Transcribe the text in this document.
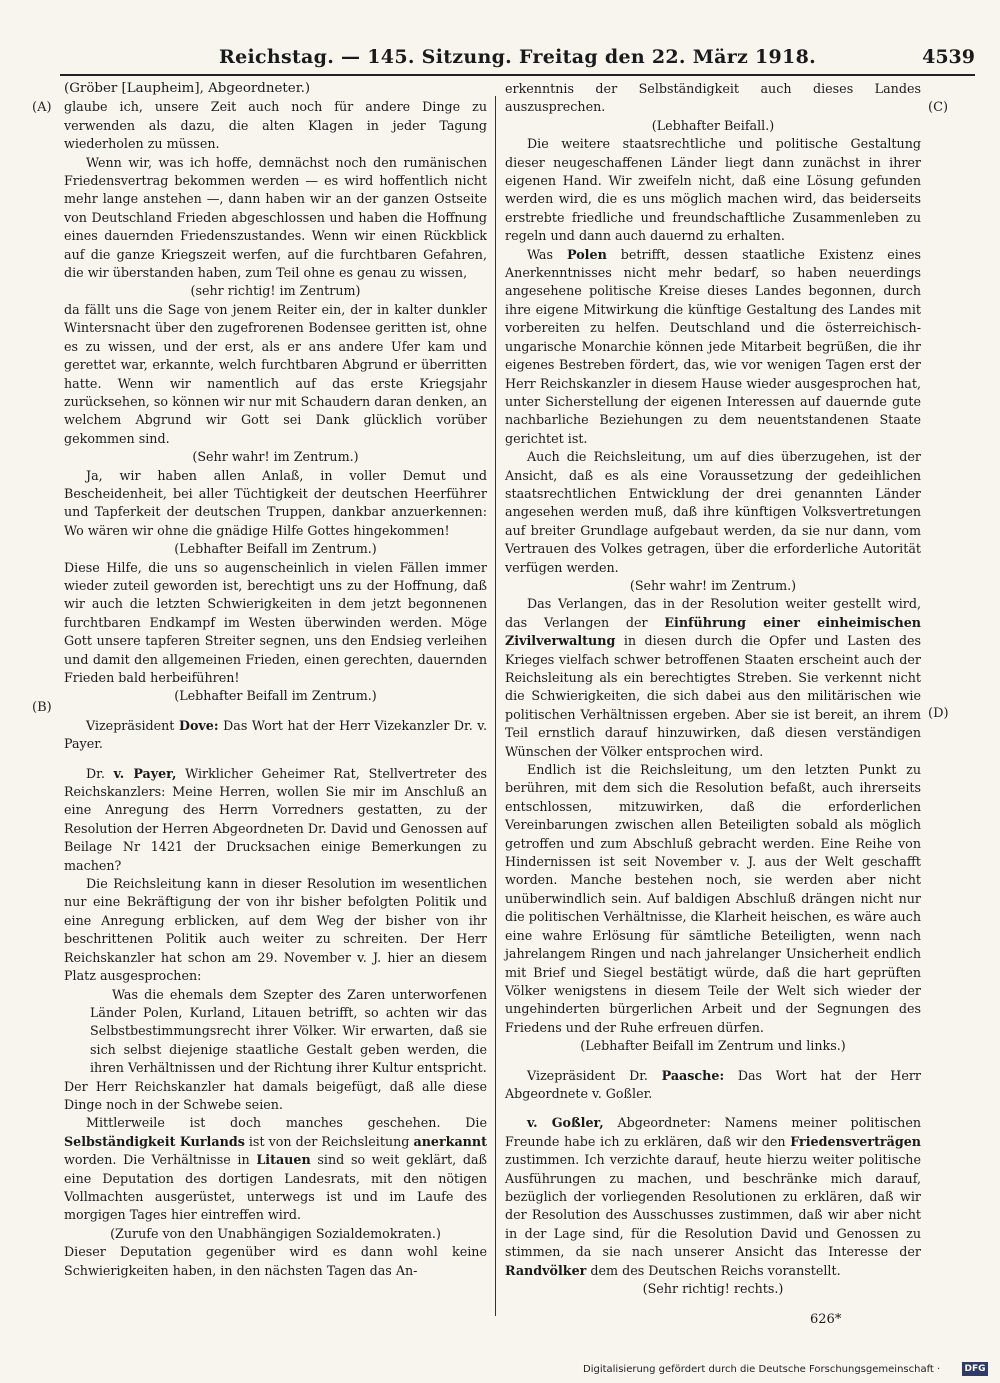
Reichstag. — 145. Sitzung. Freitag den 22. März 1918.	4539
(A)
(B)
(C)
(D)

(Gröber [Laupheim], Abgeordneter.)

glaube ich, unsere Zeit auch noch für andere Dinge zu verwenden als dazu, die alten Klagen in jeder Tagung wiederholen zu müssen.

Wenn wir, was ich hoffe, demnächst noch den rumänischen Friedensvertrag bekommen werden — es wird hoffentlich nicht mehr lange anstehen —, dann haben wir an der ganzen Ostseite von Deutschland Frieden abgeschlossen und haben die Hoffnung eines dauernden Friedenszustandes. Wenn wir einen Rückblick auf die ganze Kriegszeit werfen, auf die furchtbaren Gefahren, die wir überstanden haben, zum Teil ohne es genau zu wissen,

(sehr richtig! im Zentrum)

da fällt uns die Sage von jenem Reiter ein, der in kalter dunkler Wintersnacht über den zugefrorenen Bodensee geritten ist, ohne es zu wissen, und der erst, als er ans andere Ufer kam und gerettet war, erkannte, welch furchtbaren Abgrund er überritten hatte. Wenn wir namentlich auf das erste Kriegsjahr zurücksehen, so können wir nur mit Schaudern daran denken, an welchem Abgrund wir Gott sei Dank glücklich vorüber gekommen sind.

(Sehr wahr! im Zentrum.)

Ja, wir haben allen Anlaß, in voller Demut und Bescheidenheit, bei aller Tüchtigkeit der deutschen Heerführer und Tapferkeit der deutschen Truppen, dankbar anzuerkennen: Wo wären wir ohne die gnädige Hilfe Gottes hingekommen!

(Lebhafter Beifall im Zentrum.)

Diese Hilfe, die uns so augenscheinlich in vielen Fällen immer wieder zuteil geworden ist, berechtigt uns zu der Hoffnung, daß wir auch die letzten Schwierigkeiten in dem jetzt begonnenen furchtbaren Endkampf im Westen überwinden werden. Möge Gott unsere tapferen Streiter segnen, uns den Endsieg verleihen und damit den allgemeinen Frieden, einen gerechten, dauernden Frieden bald herbeiführen!

(Lebhafter Beifall im Zentrum.)

Vizepräsident Dove: Das Wort hat der Herr Vizekanzler Dr. v. Payer.

Dr. v. Payer, Wirklicher Geheimer Rat, Stellvertreter des Reichskanzlers: Meine Herren, wollen Sie mir im Anschluß an eine Anregung des Herrn Vorredners gestatten, zu der Resolution der Herren Abgeordneten Dr. David und Genossen auf Beilage Nr 1421 der Drucksachen einige Bemerkungen zu machen?

Die Reichsleitung kann in dieser Resolution im wesentlichen nur eine Bekräftigung der von ihr bisher befolgten Politik und eine Anregung erblicken, auf dem Weg der bisher von ihr beschrittenen Politik auch weiter zu schreiten. Der Herr Reichskanzler hat schon am 29. November v. J. hier an diesem Platz ausgesprochen:

Was die ehemals dem Szepter des Zaren unterworfenen Länder Polen, Kurland, Litauen betrifft, so achten wir das Selbstbestimmungsrecht ihrer Völker. Wir erwarten, daß sie sich selbst diejenige staatliche Gestalt geben werden, die ihren Verhältnissen und der Richtung ihrer Kultur entspricht.

Der Herr Reichskanzler hat damals beigefügt, daß alle diese Dinge noch in der Schwebe seien.

Mittlerweile ist doch manches geschehen. Die Selbständigkeit Kurlands ist von der Reichsleitung anerkannt worden. Die Verhältnisse in Litauen sind so weit geklärt, daß eine Deputation des dortigen Landesrats, mit den nötigen Vollmachten ausgerüstet, unterwegs ist und im Laufe des morgigen Tages hier eintreffen wird.

(Zurufe von den Unabhängigen Sozialdemokraten.)

Dieser Deputation gegenüber wird es dann wohl keine Schwierigkeiten haben, in den nächsten Tagen das An-

erkenntnis der Selbständigkeit auch dieses Landes auszusprechen.

(Lebhafter Beifall.)

Die weitere staatsrechtliche und politische Gestaltung dieser neugeschaffenen Länder liegt dann zunächst in ihrer eigenen Hand. Wir zweifeln nicht, daß eine Lösung gefunden werden wird, die es uns möglich machen wird, das beiderseits erstrebte friedliche und freundschaftliche Zusammenleben zu regeln und dann auch dauernd zu erhalten.

Was Polen betrifft, dessen staatliche Existenz eines Anerkenntnisses nicht mehr bedarf, so haben neuerdings angesehene politische Kreise dieses Landes begonnen, durch ihre eigene Mitwirkung die künftige Gestaltung des Landes mit vorbereiten zu helfen. Deutschland und die österreichisch-ungarische Monarchie können jede Mitarbeit begrüßen, die ihr eigenes Bestreben fördert, das, wie vor wenigen Tagen erst der Herr Reichskanzler in diesem Hause wieder ausgesprochen hat, unter Sicherstellung der eigenen Interessen auf dauernde gute nachbarliche Beziehungen zu dem neuentstandenen Staate gerichtet ist.

Auch die Reichsleitung, um auf dies überzugehen, ist der Ansicht, daß es als eine Voraussetzung der gedeihlichen staatsrechtlichen Entwicklung der drei genannten Länder angesehen werden muß, daß ihre künftigen Volksvertretungen auf breiter Grundlage aufgebaut werden, da sie nur dann, vom Vertrauen des Volkes getragen, über die erforderliche Autorität verfügen werden.

(Sehr wahr! im Zentrum.)

Das Verlangen, das in der Resolution weiter gestellt wird, das Verlangen der Einführung einer einheimischen Zivilverwaltung in diesen durch die Opfer und Lasten des Krieges vielfach schwer betroffenen Staaten erscheint auch der Reichsleitung als ein berechtigtes Streben. Sie verkennt nicht die Schwierigkeiten, die sich dabei aus den militärischen wie politischen Verhältnissen ergeben. Aber sie ist bereit, an ihrem Teil ernstlich darauf hinzuwirken, daß diesen verständigen Wünschen der Völker entsprochen wird.

Endlich ist die Reichsleitung, um den letzten Punkt zu berühren, mit dem sich die Resolution befaßt, auch ihrerseits entschlossen, mitzuwirken, daß die erforderlichen Vereinbarungen zwischen allen Beteiligten sobald als möglich getroffen und zum Abschluß gebracht werden. Eine Reihe von Hindernissen ist seit November v. J. aus der Welt geschafft worden. Manche bestehen noch, sie werden aber nicht unüberwindlich sein. Auf baldigen Abschluß drängen nicht nur die politischen Verhältnisse, die Klarheit heischen, es wäre auch eine wahre Erlösung für sämtliche Beteiligten, wenn nach jahrelangem Ringen und nach jahrelanger Unsicherheit endlich mit Brief und Siegel bestätigt würde, daß die hart geprüften Völker wenigstens in diesem Teile der Welt sich wieder der ungehinderten bürgerlichen Arbeit und der Segnungen des Friedens und der Ruhe erfreuen dürfen.

(Lebhafter Beifall im Zentrum und links.)

Vizepräsident Dr. Paasche: Das Wort hat der Herr Abgeordnete v. Goßler.

v. Goßler, Abgeordneter: Namens meiner politischen Freunde habe ich zu erklären, daß wir den Friedensverträgen zustimmen. Ich verzichte darauf, heute hierzu weiter politische Ausführungen zu machen, und beschränke mich darauf, bezüglich der vorliegenden Resolutionen zu erklären, daß wir der Resolution des Ausschusses zustimmen, daß wir aber nicht in der Lage sind, für die Resolution David und Genossen zu stimmen, da sie nach unserer Ansicht das Interesse der Randvölker dem des Deutschen Reichs voranstellt.

(Sehr richtig! rechts.)

626*
Digitalisierung gefördert durch die Deutsche Forschungsgemeinschaft ·	DFG
